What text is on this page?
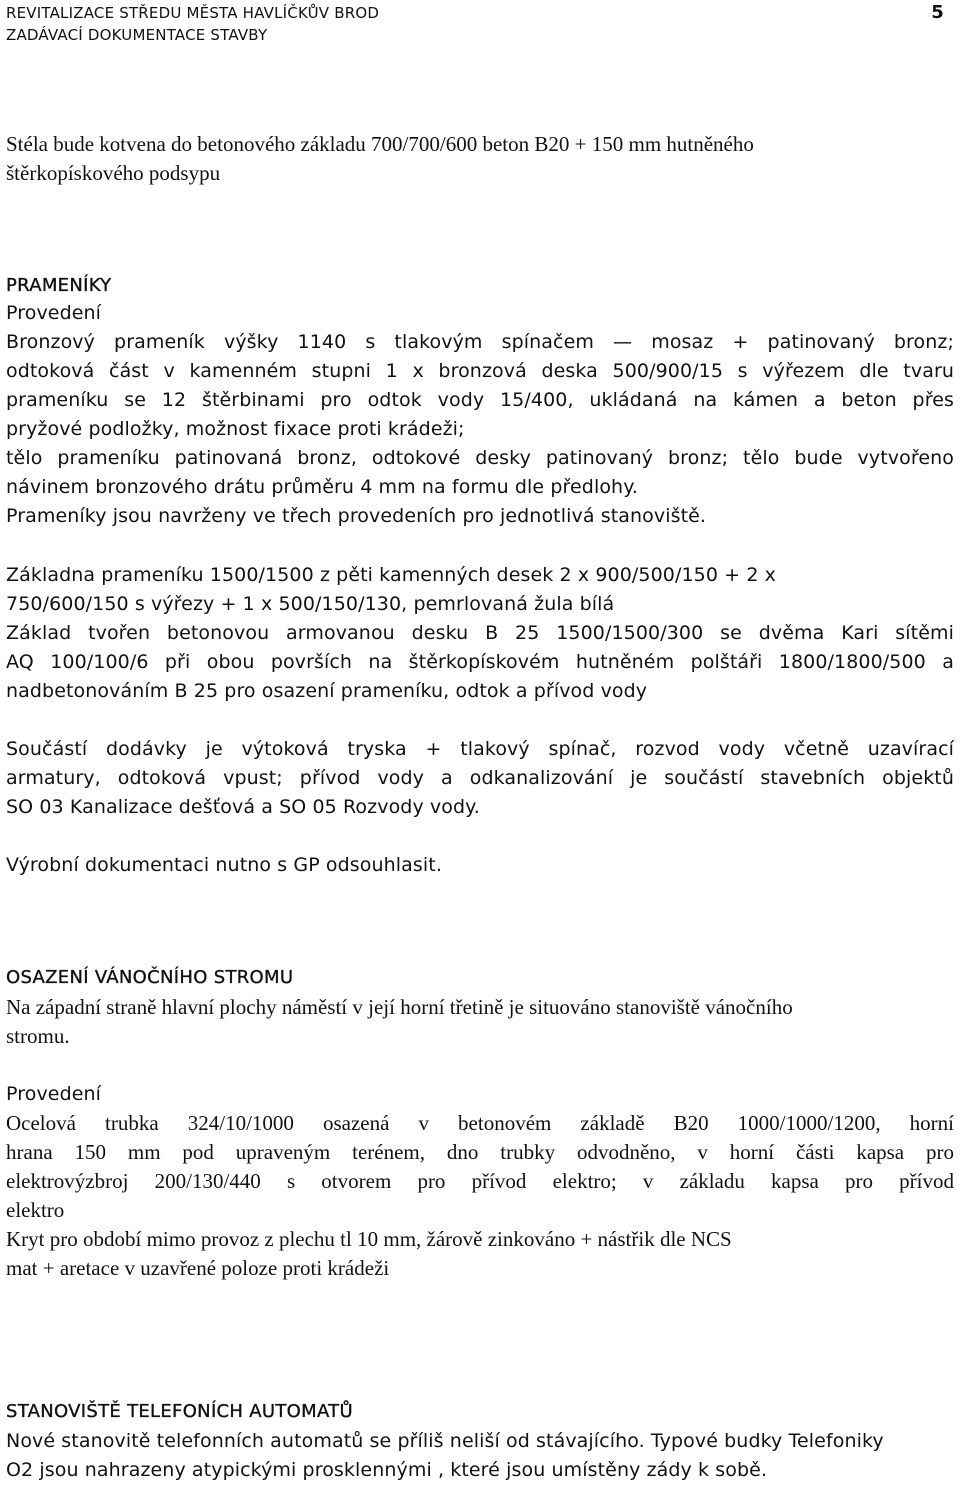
REVITALIZACE STŘEDU MĚSTA HAVLÍČKŮV BROD
ZADÁVACÍ DOKUMENTACE STAVBY
5
Stéla bude kotvena do betonového základu 700/700/600 beton B20 + 150 mm hutněného
štěrkopískového podsypu
PRAMENÍKY
Provedení
Bronzový prameník výšky 1140 s tlakovým spínačem — mosaz + patinovaný bronz;
odtoková část v kamenném stupni 1 x bronzová deska 500/900/15 s výřezem dle tvaru
prameníku se 12 štěrbinami pro odtok vody 15/400, ukládaná na kámen a beton přes
pryžové podložky, možnost fixace proti krádeži;
tělo prameníku patinovaná bronz, odtokové desky patinovaný bronz; tělo bude vytvořeno
návinem bronzového drátu průměru 4 mm na formu dle předlohy.
Prameníky jsou navrženy ve třech provedeních pro jednotlivá stanoviště.
Základna prameníku 1500/1500 z pěti kamenných desek 2 x 900/500/150 + 2 x
750/600/150 s výřezy + 1 x 500/150/130, pemrlovaná žula bílá
Základ tvořen betonovou armovanou desku B 25 1500/1500/300 se dvěma Kari sítěmi
AQ 100/100/6 při obou površích na štěrkopískovém hutněném polštáři 1800/1800/500 a
nadbetonováním B 25 pro osazení prameníku, odtok a přívod vody
Součástí dodávky je výtoková tryska + tlakový spínač, rozvod vody včetně uzavírací
armatury, odtoková vpust; přívod vody a odkanalizování je součástí stavebních objektů
SO 03 Kanalizace dešťová a SO 05 Rozvody vody.
Výrobní dokumentaci nutno s GP odsouhlasit.
OSAZENÍ VÁNOČNÍHO STROMU
Na západní straně hlavní plochy náměstí v její horní třetině je situováno stanoviště vánočního
stromu.
Provedení
Ocelová trubka 324/10/1000 osazená v betonovém základě B20 1000/1000/1200, horní
hrana 150 mm pod upraveným terénem, dno trubky odvodněno, v horní části kapsa pro
elektrovýzbroj 200/130/440 s otvorem pro přívod elektro; v základu kapsa pro přívod
elektro
Kryt pro období mimo provoz z plechu tl 10 mm, žárově zinkováno + nástřik dle NCS
mat + aretace v uzavřené poloze proti krádeži
STANOVIŠTĚ TELEFONÍCH AUTOMATŮ
Nové stanovitě telefonních automatů se příliš neliší od stávajícího. Typové budky Telefoniky
O2 jsou nahrazeny atypickými prosklennými , které jsou umístěny zády k sobě.
